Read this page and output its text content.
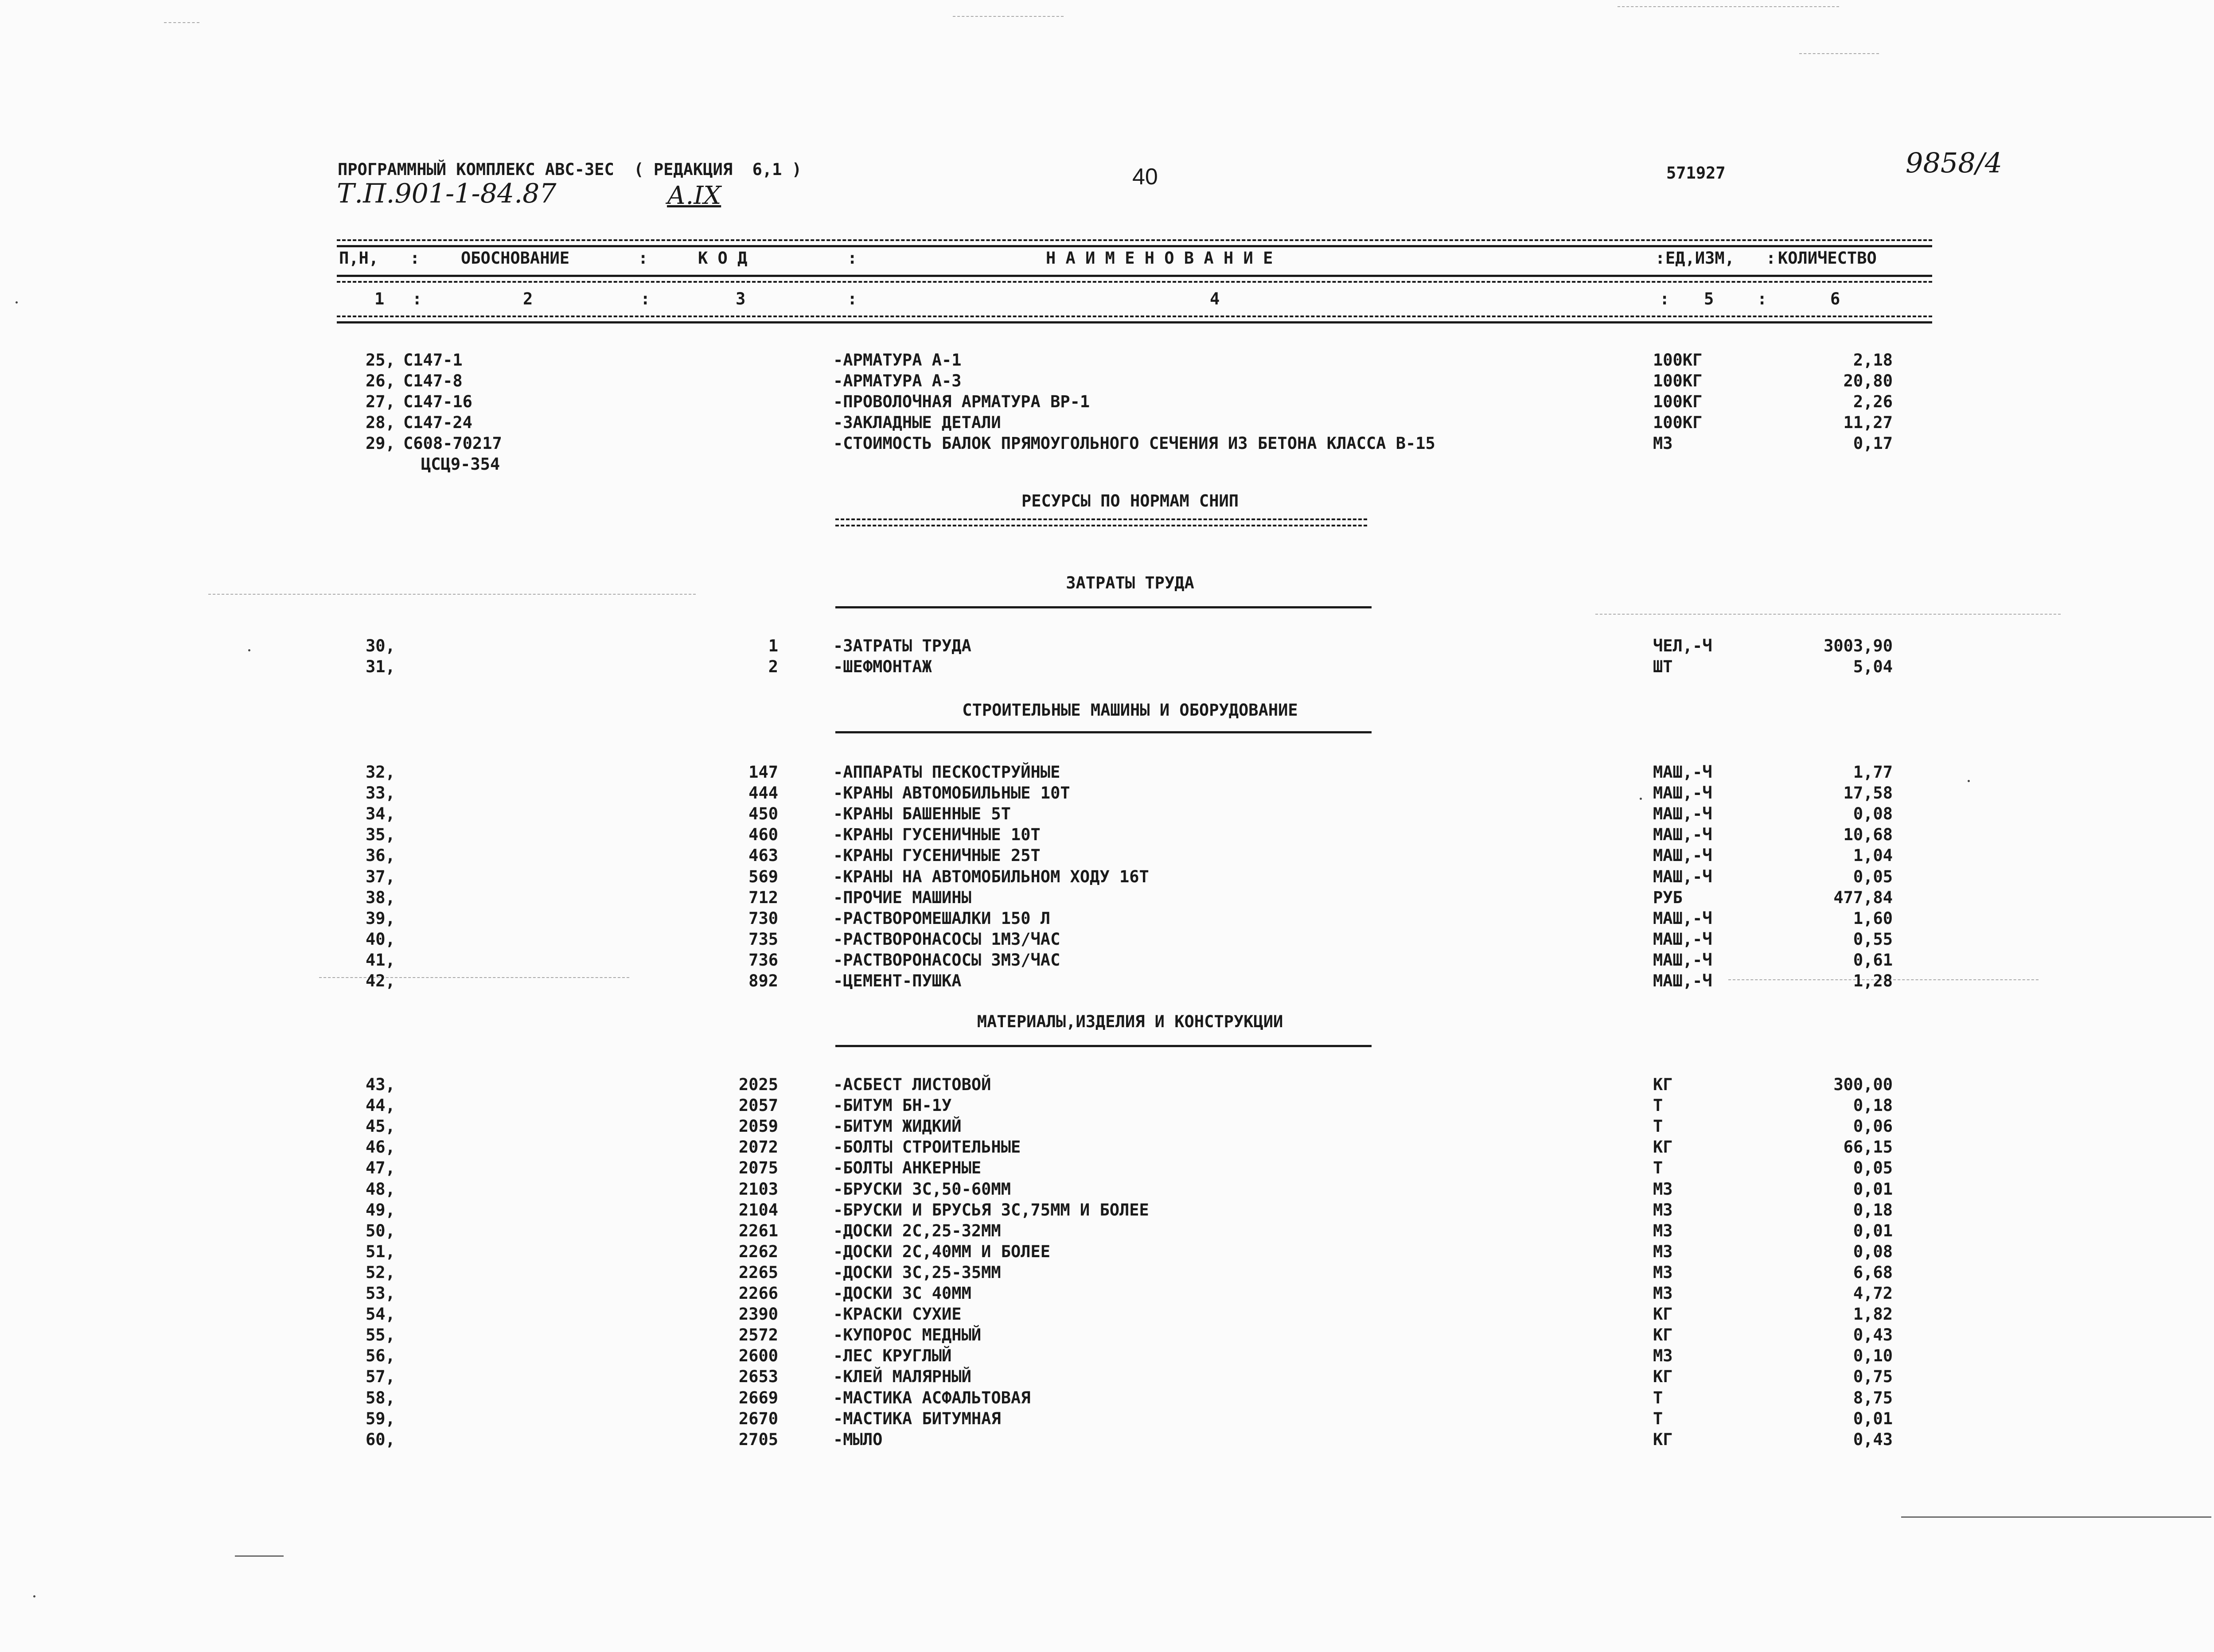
ПРОГРАММНЫЙ КОМПЛЕКС АВС-3ЕС  ( РЕДАКЦИЯ  6,1 )
Т.П.901-1-84.87	А.IX
40	571927	9858/4
П,Н, :	ОБОСНОВАНИЕ	:	К О Д	:	Н А И М Е Н О В А Н И Е	: ЕД,ИЗМ, : КОЛИЧЕСТВО
1 :	2	:	3	:	4	: 5	:	6
25, С147-1	-АРМАТУРА А-1	100КГ	2,18
26, С147-8	-АРМАТУРА А-3	100КГ	20,80
27, С147-16	-ПРОВОЛОЧНАЯ АРМАТУРА ВР-1	100КГ	2,26
28, С147-24	-ЗАКЛАДНЫЕ ДЕТАЛИ	100КГ	11,27
29, С608-70217	-СТОИМОСТЬ БАЛОК ПРЯМОУГОЛЬНОГО СЕЧЕНИЯ ИЗ БЕТОНА КЛАССА В-15	М3	0,17
ЦСЦ9-354
РЕСУРСЫ ПО НОРМАМ СНИП
ЗАТРАТЫ ТРУДА
30,	1	-ЗАТРАТЫ ТРУДА	ЧЕЛ,-Ч	3003,90
31,	2	-ШЕФМОНТАЖ	ШТ	5,04
СТРОИТЕЛЬНЫЕ МАШИНЫ И ОБОРУДОВАНИЕ
32,	147	-АППАРАТЫ ПЕСКОСТРУЙНЫЕ	МАШ,-Ч	1,77
33,	444	-КРАНЫ АВТОМОБИЛЬНЫЕ 10Т	МАШ,-Ч	17,58
34,	450	-КРАНЫ БАШЕННЫЕ 5Т	МАШ,-Ч	0,08
35,	460	-КРАНЫ ГУСЕНИЧНЫЕ 10Т	МАШ,-Ч	10,68
36,	463	-КРАНЫ ГУСЕНИЧНЫЕ 25Т	МАШ,-Ч	1,04
37,	569	-КРАНЫ НА АВТОМОБИЛЬНОМ ХОДУ 16Т	МАШ,-Ч	0,05
38,	712	-ПРОЧИЕ МАШИНЫ	РУБ	477,84
39,	730	-РАСТВОРОМЕШАЛКИ 150 Л	МАШ,-Ч	1,60
40,	735	-РАСТВОРОНАСОСЫ 1М3/ЧАС	МАШ,-Ч	0,55
41,	736	-РАСТВОРОНАСОСЫ 3М3/ЧАС	МАШ,-Ч	0,61
42,	892	-ЦЕМЕНТ-ПУШКА	МАШ,-Ч	1,28
МАТЕРИАЛЫ,ИЗДЕЛИЯ И КОНСТРУКЦИИ
43,	2025	-АСБЕСТ ЛИСТОВОЙ	КГ	300,00
44,	2057	-БИТУМ БН-1У	Т	0,18
45,	2059	-БИТУМ ЖИДКИЙ	Т	0,06
46,	2072	-БОЛТЫ СТРОИТЕЛЬНЫЕ	КГ	66,15
47,	2075	-БОЛТЫ АНКЕРНЫЕ	Т	0,05
48,	2103	-БРУСКИ 3С,50-60ММ	М3	0,01
49,	2104	-БРУСКИ И БРУСЬЯ 3С,75ММ И БОЛЕЕ	М3	0,18
50,	2261	-ДОСКИ 2С,25-32ММ	М3	0,01
51,	2262	-ДОСКИ 2С,40ММ И БОЛЕЕ	М3	0,08
52,	2265	-ДОСКИ 3С,25-35ММ	М3	6,68
53,	2266	-ДОСКИ 3С 40ММ	М3	4,72
54,	2390	-КРАСКИ СУХИЕ	КГ	1,82
55,	2572	-КУПОРОС МЕДНЫЙ	КГ	0,43
56,	2600	-ЛЕС КРУГЛЫЙ	М3	0,10
57,	2653	-КЛЕЙ МАЛЯРНЫЙ	КГ	0,75
58,	2669	-МАСТИКА АСФАЛЬТОВАЯ	Т	8,75
59,	2670	-МАСТИКА БИТУМНАЯ	Т	0,01
60,	2705	-МЫЛО	КГ	0,43
